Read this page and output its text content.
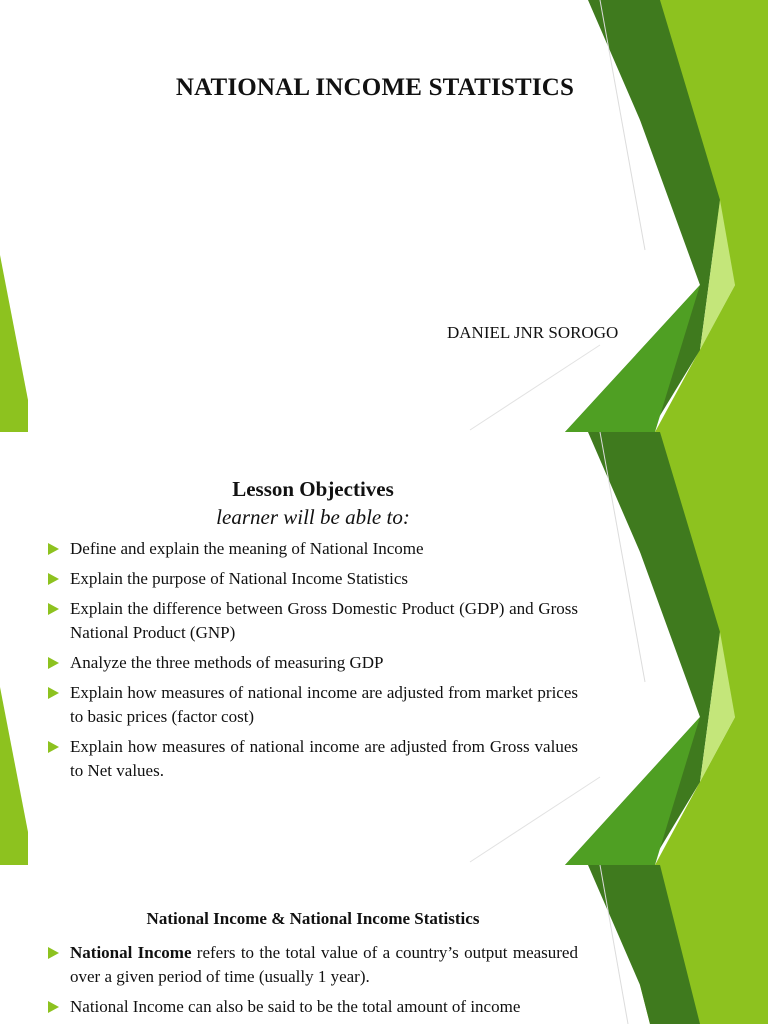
NATIONAL INCOME STATISTICS
DANIEL JNR SOROGO
Lesson Objectives
learner will be able to:
Define and explain the meaning of National Income
Explain the purpose of National Income Statistics
Explain the difference between Gross Domestic Product (GDP) and Gross National Product (GNP)
Analyze the three methods of measuring GDP
Explain how measures of national income are adjusted from market prices to basic prices (factor cost)
Explain how measures of national income are adjusted from Gross values to Net values.
National Income & National Income Statistics
National Income refers to the total value of a country’s output measured over a given period of time (usually 1 year).
National Income can also be said to be the total amount of income
